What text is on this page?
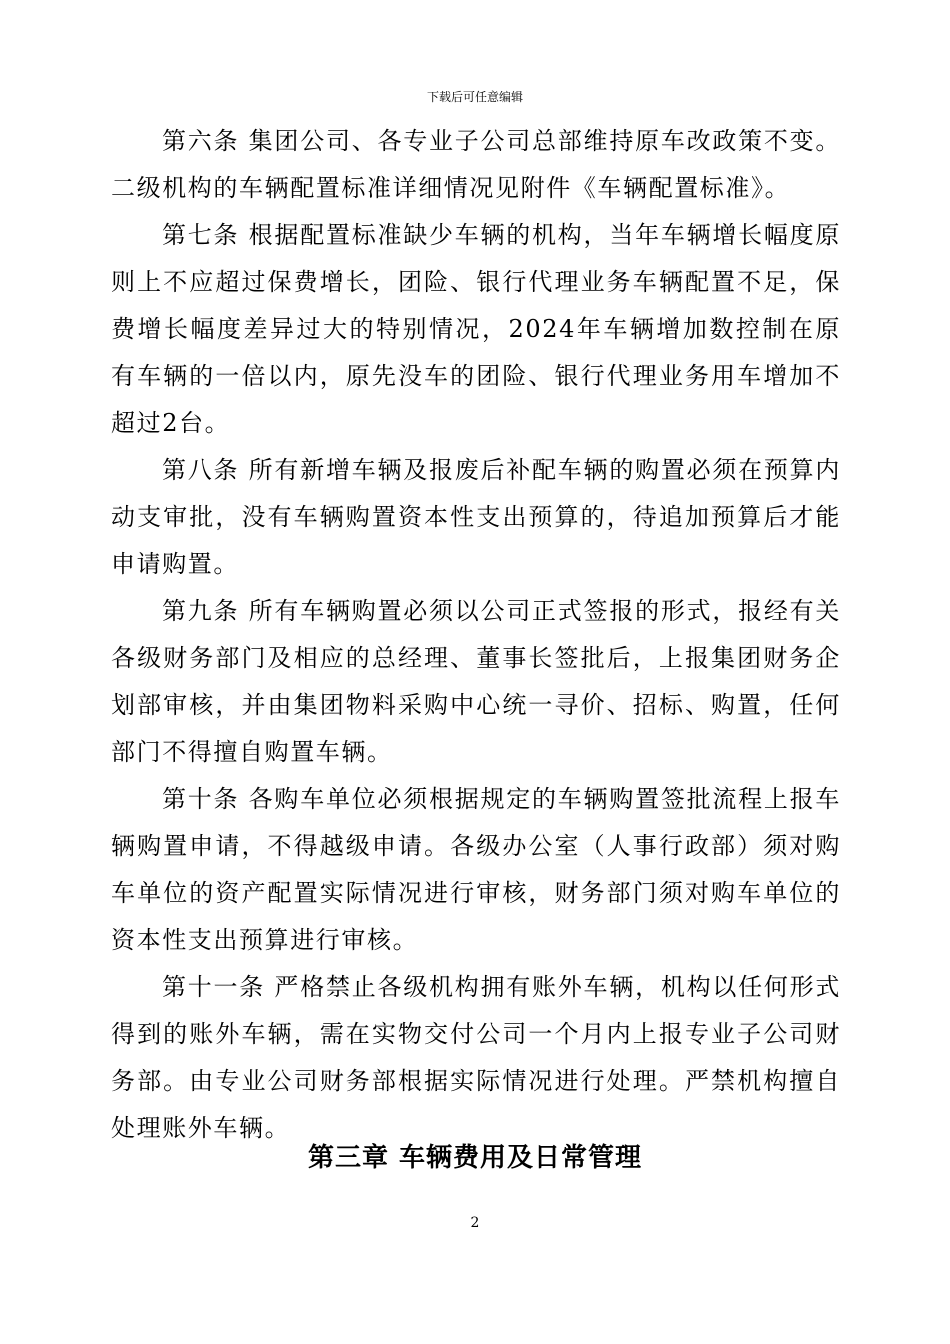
下载后可任意编辑

第六条 集团公司、各专业子公司总部维持原车改政策不变。二级机构的车辆配置标准详细情况见附件《车辆配置标准》。

第七条 根据配置标准缺少车辆的机构，当年车辆增长幅度原则上不应超过保费增长，团险、银行代理业务车辆配置不足，保费增长幅度差异过大的特别情况，2024年车辆增加数控制在原有车辆的一倍以内，原先没车的团险、银行代理业务用车增加不超过2台。

第八条 所有新增车辆及报废后补配车辆的购置必须在预算内动支审批，没有车辆购置资本性支出预算的，待追加预算后才能申请购置。

第九条 所有车辆购置必须以公司正式签报的形式，报经有关各级财务部门及相应的总经理、董事长签批后，上报集团财务企划部审核，并由集团物料采购中心统一寻价、招标、购置，任何部门不得擅自购置车辆。

第十条 各购车单位必须根据规定的车辆购置签批流程上报车辆购置申请，不得越级申请。各级办公室（人事行政部）须对购车单位的资产配置实际情况进行审核，财务部门须对购车单位的资本性支出预算进行审核。

第十一条 严格禁止各级机构拥有账外车辆，机构以任何形式得到的账外车辆，需在实物交付公司一个月内上报专业子公司财务部。由专业公司财务部根据实际情况进行处理。严禁机构擅自处理账外车辆。

第三章 车辆费用及日常管理
2
